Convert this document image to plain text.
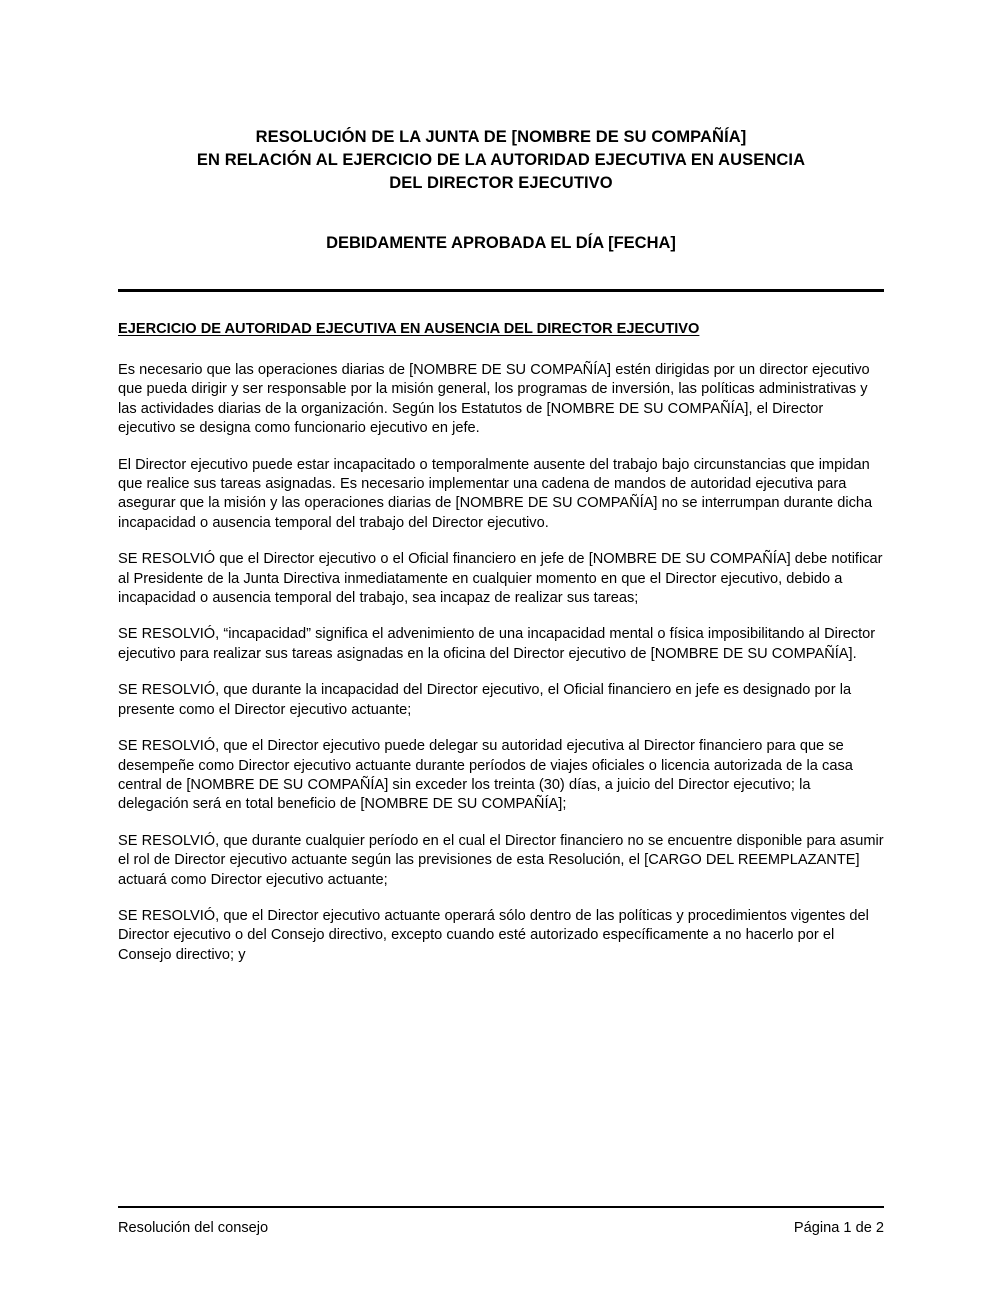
RESOLUCIÓN DE LA JUNTA DE [NOMBRE DE SU COMPAÑÍA]
EN RELACIÓN AL EJERCICIO DE LA AUTORIDAD EJECUTIVA EN AUSENCIA
DEL DIRECTOR EJECUTIVO
DEBIDAMENTE APROBADA EL DÍA [FECHA]
EJERCICIO DE AUTORIDAD EJECUTIVA EN AUSENCIA DEL DIRECTOR EJECUTIVO

Es necesario que las operaciones diarias de [NOMBRE DE SU COMPAÑÍA] estén dirigidas por un director ejecutivo que pueda dirigir y ser responsable por la misión general, los programas de inversión, las políticas administrativas y las actividades diarias de la organización. Según los Estatutos de [NOMBRE DE SU COMPAÑÍA], el Director ejecutivo se designa como funcionario ejecutivo en jefe.

El Director ejecutivo puede estar incapacitado o temporalmente ausente del trabajo bajo circunstancias que impidan que realice sus tareas asignadas. Es necesario implementar una cadena de mandos de autoridad ejecutiva para asegurar que la misión y las operaciones diarias de [NOMBRE DE SU COMPAÑÍA] no se interrumpan durante dicha incapacidad o ausencia temporal del trabajo del Director ejecutivo.

SE RESOLVIÓ que el Director ejecutivo o el Oficial financiero en jefe de [NOMBRE DE SU COMPAÑÍA] debe notificar al Presidente de la Junta Directiva inmediatamente en cualquier momento en que el Director ejecutivo, debido a incapacidad o ausencia temporal del trabajo, sea incapaz de realizar sus tareas;

SE RESOLVIÓ, “incapacidad” significa el advenimiento de una incapacidad mental o física imposibilitando al Director ejecutivo para realizar sus tareas asignadas en la oficina del Director ejecutivo de [NOMBRE DE SU COMPAÑÍA].

SE RESOLVIÓ, que durante la incapacidad del Director ejecutivo, el Oficial financiero en jefe es designado por la presente como el Director ejecutivo actuante;

SE RESOLVIÓ, que el Director ejecutivo puede delegar su autoridad ejecutiva al Director financiero para que se desempeñe como Director ejecutivo actuante durante períodos de viajes oficiales o licencia autorizada de la casa central de [NOMBRE DE SU COMPAÑÍA] sin exceder los treinta (30) días, a juicio del Director ejecutivo; la delegación será en total beneficio de [NOMBRE DE SU COMPAÑÍA];

SE RESOLVIÓ, que durante cualquier período en el cual el Director financiero no se encuentre disponible para asumir el rol de Director ejecutivo actuante según las previsiones de esta Resolución, el [CARGO DEL REEMPLAZANTE] actuará como Director ejecutivo actuante;

SE RESOLVIÓ, que el Director ejecutivo actuante operará sólo dentro de las políticas y procedimientos vigentes del Director ejecutivo o del Consejo directivo, excepto cuando esté autorizado específicamente a no hacerlo por el Consejo directivo; y

Resolución del consejo	Página 1 de 2
